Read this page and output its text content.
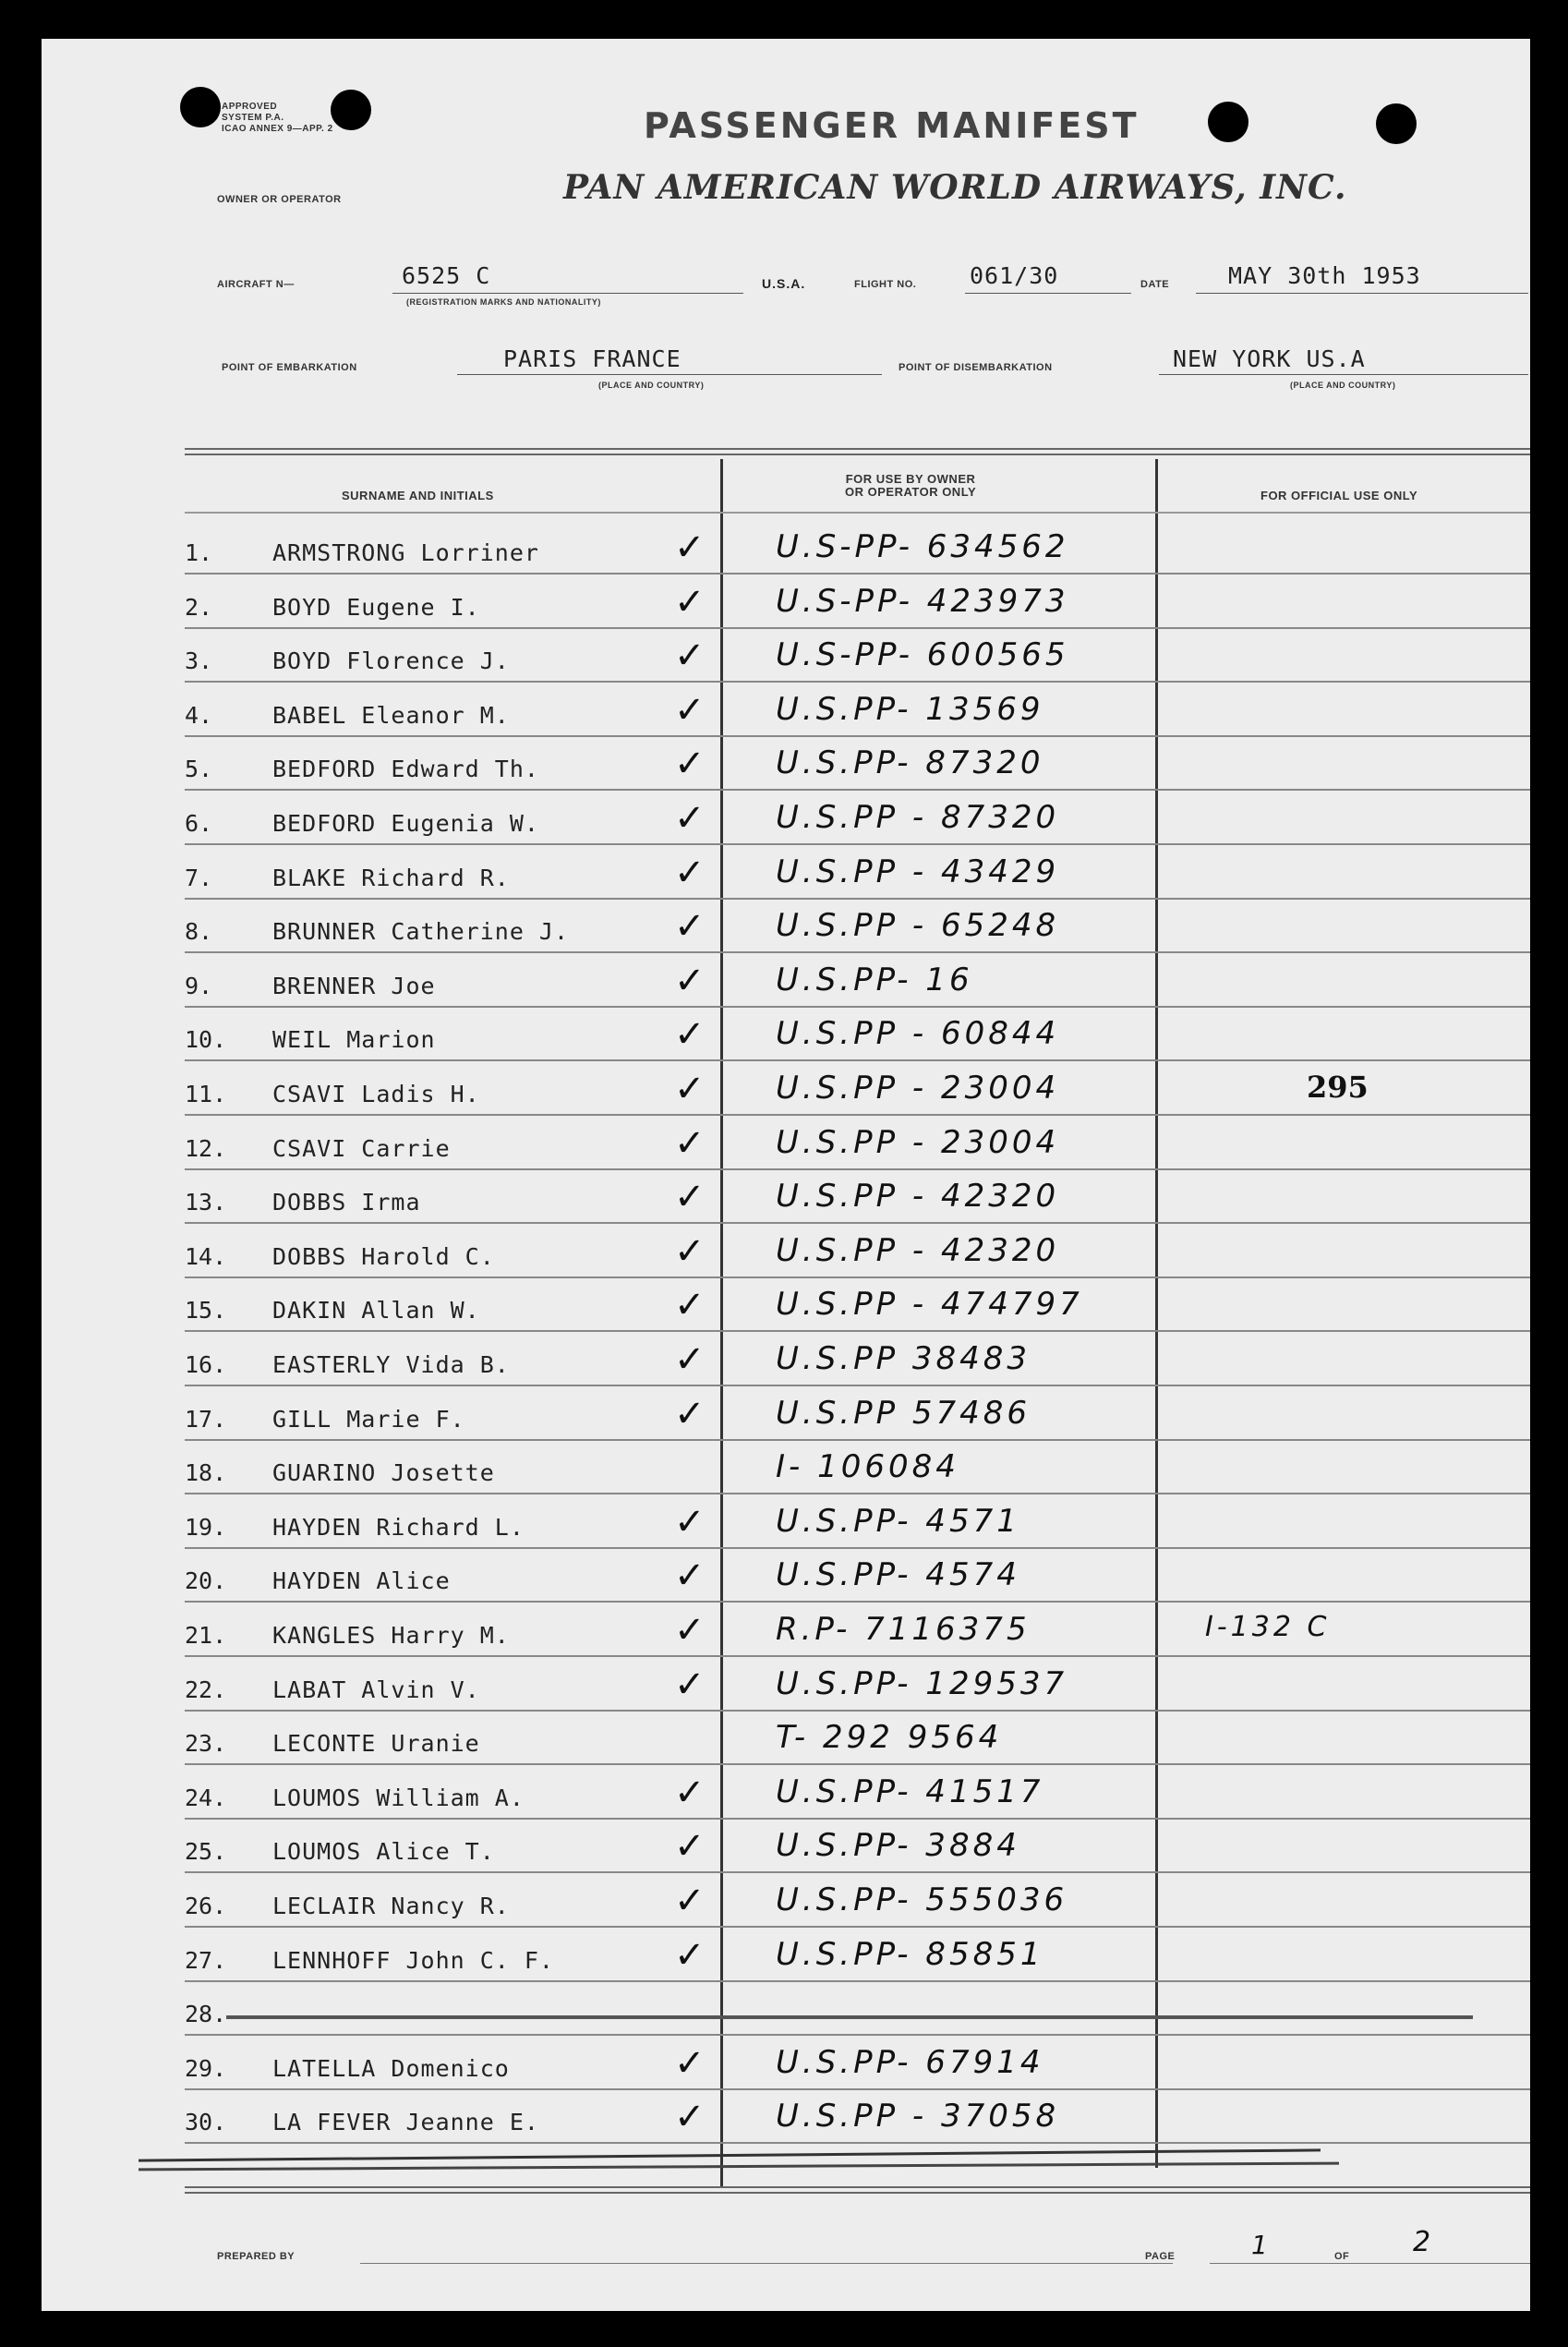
APPROVED
SYSTEM P.A.
ICAO ANNEX 9—APP. 2	PASSENGER MANIFEST
OWNER OR OPERATOR	PAN AMERICAN WORLD AIRWAYS, INC.
AIRCRAFT N—	6525 C
(REGISTRATION MARKS AND NATIONALITY)
U.S.A.	FLIGHT NO. 061/30	DATE	MAY 30th 1953
POINT OF EMBARKATION	PARIS FRANCE
(PLACE AND COUNTRY)
POINT OF DISEMBARKATION	NEW YORK US.A
(PLACE AND COUNTRY)
SURNAME AND INITIALS
FOR USE BY OWNER
OR OPERATOR ONLY	FOR OFFICIAL USE ONLY
1.	ARMSTRONG Lorriner	✓ U.S-PP- 634562
2.	BOYD Eugene I.	✓ U.S-PP- 423973
3.	BOYD Florence J.	✓ U.S-PP- 600565
4.	BABEL Eleanor M.	✓ U.S.PP- 13569
5.	BEDFORD Edward Th.	✓ U.S.PP- 87320
6.	BEDFORD Eugenia W.	✓ U.S.PP - 87320
7.	BLAKE Richard R.	✓ U.S.PP - 43429
8.	BRUNNER Catherine J.	✓ U.S.PP - 65248
9.	BRENNER Joe	✓ U.S.PP- 16
10. WEIL Marion	✓ U.S.PP - 60844
11. CSAVI Ladis H.	✓ U.S.PP - 23004	295
12. CSAVI Carrie	✓ U.S.PP - 23004
13. DOBBS Irma	✓ U.S.PP - 42320
14. DOBBS Harold C.	✓ U.S.PP - 42320
15. DAKIN Allan W.	✓ U.S.PP - 474797
16. EASTERLY Vida B.	✓ U.S.PP 38483
17. GILL Marie F.	✓ U.S.PP 57486
18. GUARINO Josette	I- 106084
19. HAYDEN Richard L.	✓ U.S.PP- 4571
20. HAYDEN Alice	✓ U.S.PP- 4574
21. KANGLES Harry M.	✓ R.P- 7116375	I-132 C
22. LABAT Alvin V.	✓ U.S.PP- 129537
23. LECONTE Uranie	T- 292 9564
24. LOUMOS William A.	✓ U.S.PP- 41517
25. LOUMOS Alice T.	✓ U.S.PP- 3884
26. LECLAIR Nancy R.	✓ U.S.PP- 555036
27. LENNHOFF John C. F.	✓ U.S.PP- 85851
28.
29. LATELLA Domenico	✓ U.S.PP- 67914
30. LA FEVER Jeanne E.	✓ U.S.PP - 37058
PREPARED BY	PAGE	1	OF 2
